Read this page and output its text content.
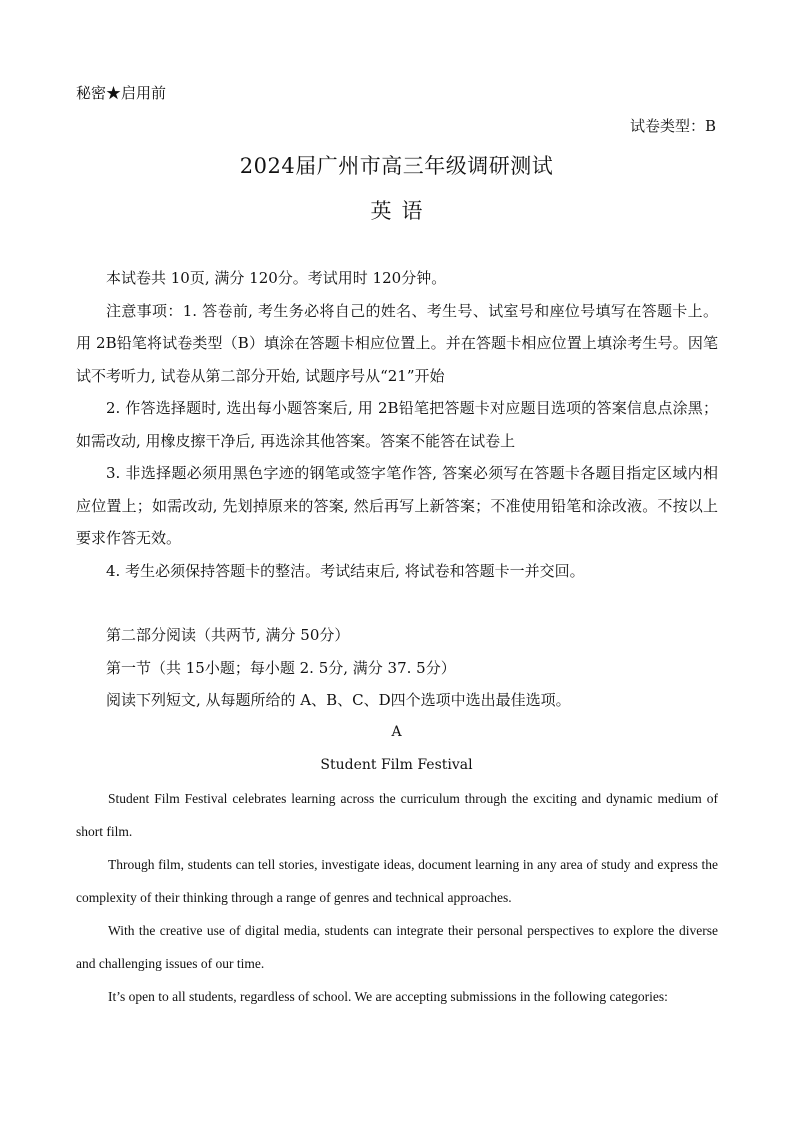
秘密★启用前
试卷类型：B
2024届广州市高三年级调研测试
英语

本试卷共 10页, 满分 120分。考试用时 120分钟。

注意事项：1. 答卷前, 考生务必将自己的姓名、考生号、试室号和座位号填写在答题卡上。用 2B铅笔将试卷类型（B）填涂在答题卡相应位置上。并在答题卡相应位置上填涂考生号。因笔试不考听力, 试卷从第二部分开始, 试题序号从“21”开始

2. 作答选择题时, 选出每小题答案后, 用 2B铅笔把答题卡对应题目选项的答案信息点涂黑；如需改动, 用橡皮擦干净后, 再选涂其他答案。答案不能答在试卷上

3. 非选择题必须用黑色字迹的钢笔或签字笔作答, 答案必须写在答题卡各题目指定区域内相应位置上；如需改动, 先划掉原来的答案, 然后再写上新答案；不准使用铅笔和涂改液。不按以上要求作答无效。

4. 考生必须保持答题卡的整洁。考试结束后, 将试卷和答题卡一并交回。

第二部分阅读（共两节, 满分 50分）

第一节（共 15小题；每小题 2. 5分, 满分 37. 5分）

阅读下列短文, 从每题所给的 A、B、C、D四个选项中选出最佳选项。

A
Student Film Festival

Student Film Festival celebrates learning across the curriculum through the exciting and dynamic medium of short film.

Through film, students can tell stories, investigate ideas, document learning in any area of study and express the complexity of their thinking through a range of genres and technical approaches.

With the creative use of digital media, students can integrate their personal perspectives to explore the diverse and challenging issues of our time.

It’s open to all students, regardless of school. We are accepting submissions in the following categories:
